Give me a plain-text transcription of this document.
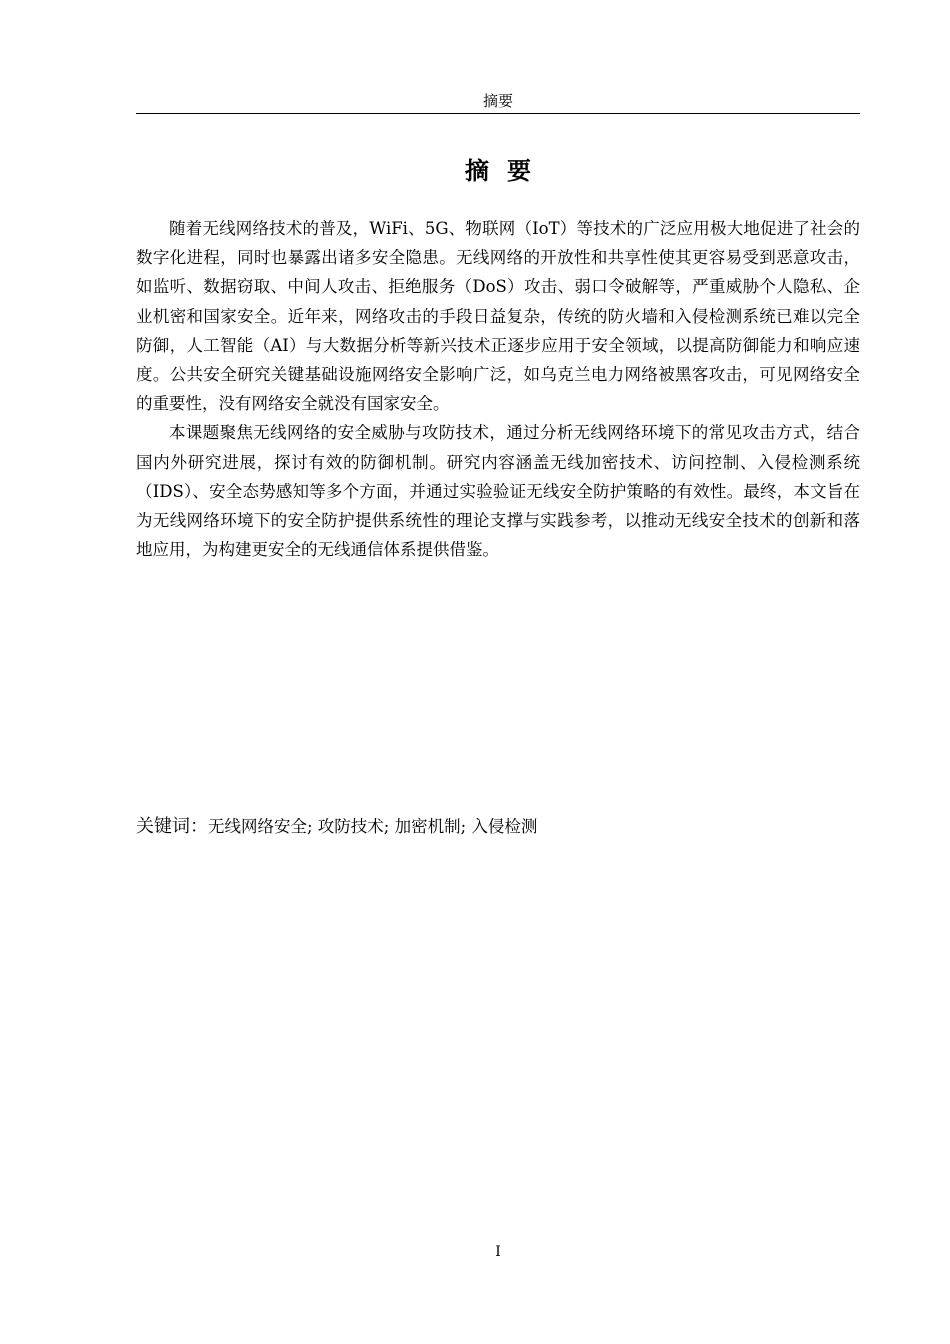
摘要
摘要

随着无线网络技术的普及，WiFi、5G、物联网（IoT）等技术的广泛应用极大地促进了社会的数字化进程，同时也暴露出诸多安全隐患。无线网络的开放性和共享性使其更容易受到恶意攻击，如监听、数据窃取、中间人攻击、拒绝服务（DoS）攻击、弱口令破解等，严重威胁个人隐私、企业机密和国家安全。近年来，网络攻击的手段日益复杂，传统的防火墙和入侵检测系统已难以完全防御，人工智能（AI）与大数据分析等新兴技术正逐步应用于安全领域，以提高防御能力和响应速度。公共安全研究关键基础设施网络安全影响广泛，如乌克兰电力网络被黑客攻击，可见网络安全的重要性，没有网络安全就没有国家安全。

本课题聚焦无线网络的安全威胁与攻防技术，通过分析无线网络环境下的常见攻击方式，结合国内外研究进展，探讨有效的防御机制。研究内容涵盖无线加密技术、访问控制、入侵检测系统（IDS）、安全态势感知等多个方面，并通过实验验证无线安全防护策略的有效性。最终，本文旨在为无线网络环境下的安全防护提供系统性的理论支撑与实践参考，以推动无线安全技术的创新和落地应用，为构建更安全的无线通信体系提供借鉴。

关键词：无线网络安全; 攻防技术; 加密机制; 入侵检测
I
